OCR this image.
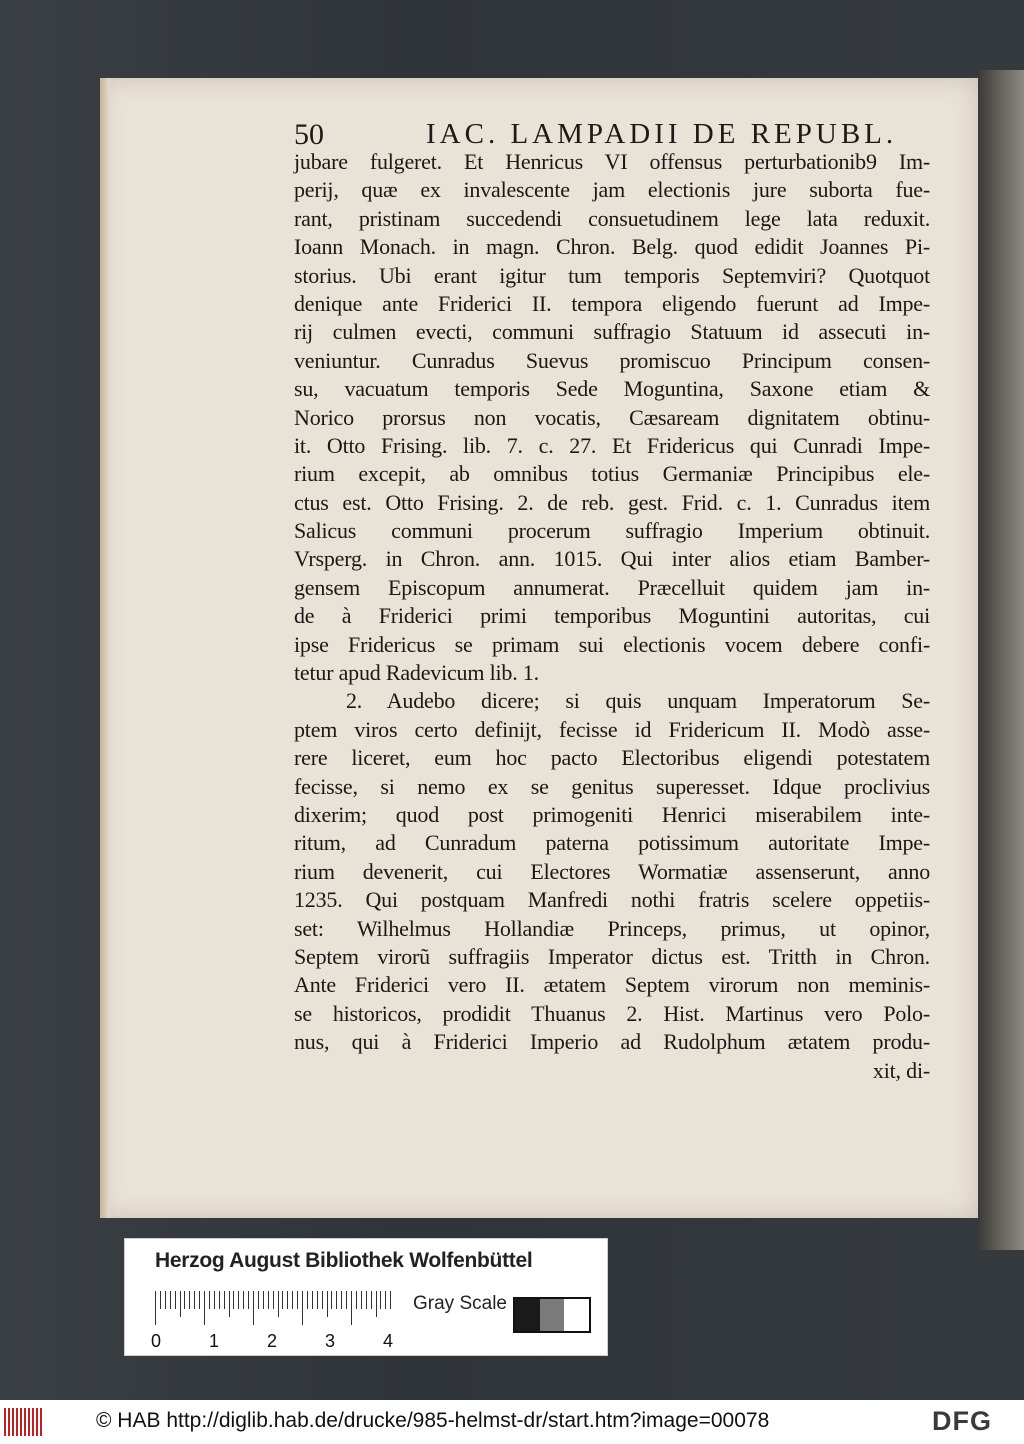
50	IAC. LAMPADII DE REPUBL.
jubare fulgeret. Et Henricus VI offensus perturbationib9 Im-
perij, quæ ex invalescente jam electionis jure suborta fue-
rant, pristinam succedendi consuetudinem lege lata reduxit.
Ioann Monach. in magn. Chron. Belg. quod edidit Joannes Pi-
storius. Ubi erant igitur tum temporis Septemviri? Quotquot
denique ante Friderici II. tempora eligendo fuerunt ad Impe-
rij culmen evecti, communi suffragio Statuum id assecuti in-
veniuntur. Cunradus Suevus promiscuo Principum consen-
su, vacuatum temporis Sede Moguntina, Saxone etiam &
Norico prorsus non vocatis, Cæsaream dignitatem obtinu-
it. Otto Frising. lib. 7. c. 27. Et Fridericus qui Cunradi Impe-
rium excepit, ab omnibus totius Germaniæ Principibus ele-
ctus est. Otto Frising. 2. de reb. gest. Frid. c. 1. Cunradus item
Salicus communi procerum suffragio Imperium obtinuit.
Vrsperg. in Chron. ann. 1015. Qui inter alios etiam Bamber-
gensem Episcopum annumerat. Præcelluit quidem jam in-
de à Friderici primi temporibus Moguntini autoritas, cui
ipse Fridericus se primam sui electionis vocem debere confi-
tetur apud Radevicum lib. 1.
2. Audebo dicere; si quis unquam Imperatorum Se-
ptem viros certo definijt, fecisse id Fridericum II. Modò asse-
rere liceret, eum hoc pacto Electoribus eligendi potestatem
fecisse, si nemo ex se genitus superesset. Idque proclivius
dixerim; quod post primogeniti Henrici miserabilem inte-
ritum, ad Cunradum paterna potissimum autoritate Impe-
rium devenerit, cui Electores Wormatiæ assenserunt, anno
1235. Qui postquam Manfredi nothi fratris scelere oppetiis-
set: Wilhelmus Hollandiæ Princeps, primus, ut opinor,
Septem virorũ suffragiis Imperator dictus est. Tritth in Chron.
Ante Friderici vero II. ætatem Septem virorum non meminis-
se historicos, prodidit Thuanus 2. Hist. Martinus vero Polo-
nus, qui à Friderici Imperio ad Rudolphum ætatem produ-
xit, di-
Herzog August Bibliothek Wolfenbüttel
0	1	2	3	4
Gray Scale
© HAB http://diglib.hab.de/drucke/985-helmst-dr/start.htm?image=00078	DFG
